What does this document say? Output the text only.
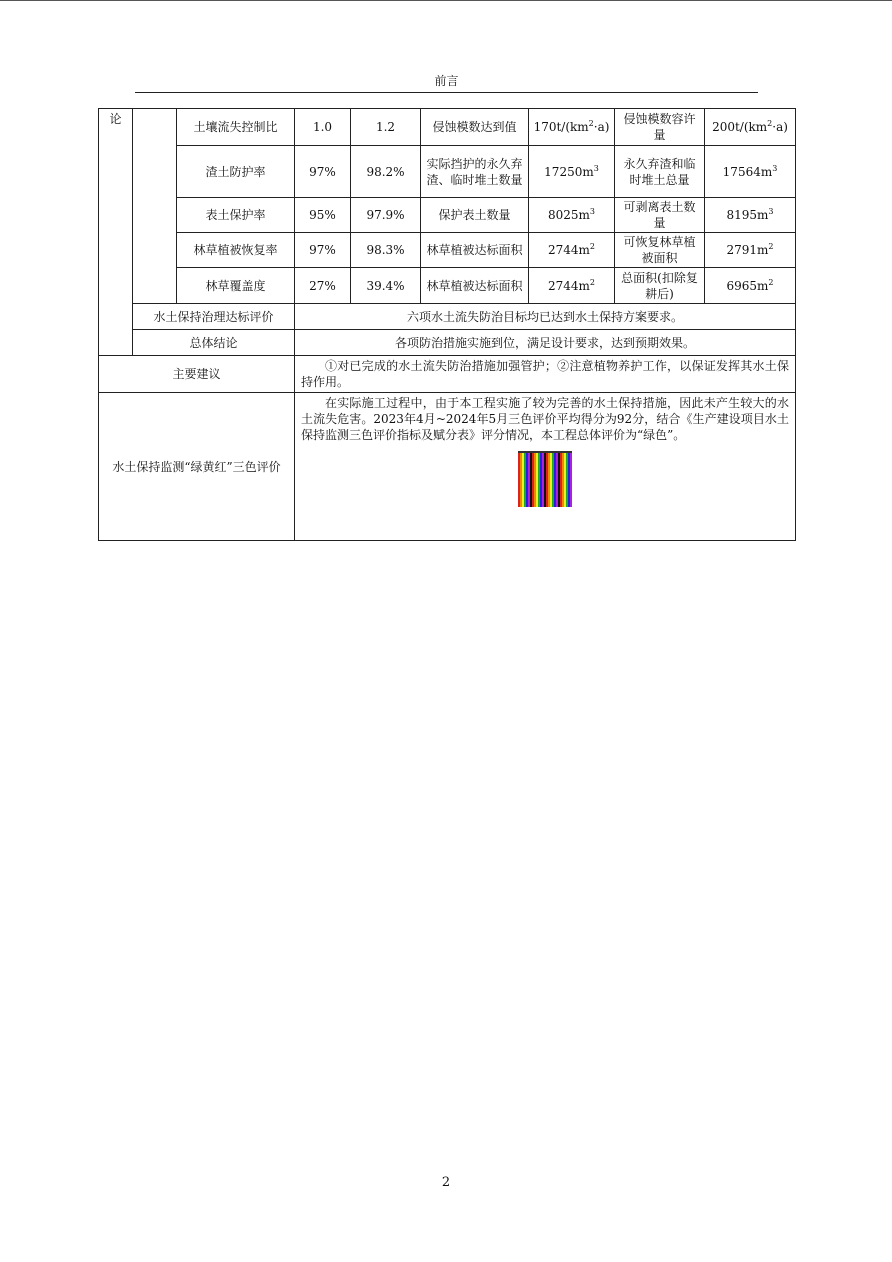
前言
论		土壤流失控制比	1.0	1.2	侵蚀模数达到值	$170t/(km^2\cdot a)$	侵蚀模数容许量	$200t/(km^2\cdot a)$
		渣土防护率	97%	98.2%	实际挡护的永久弃渣、临时堆土数量	$17250m^3$	永久弃渣和临时堆土总量	$17564m^3$
		表土保护率	95%	97.9%	保护表土数量	$8025m^3$	可剥离表土数量	$8195m^3$
		林草植被恢复率	97%	98.3%	林草植被达标面积	$2744m^2$	可恢复林草植被面积	$2791m^2$
		林草覆盖度	27%	39.4%	林草植被达标面积	$2744m^2$	总面积(扣除复耕后)	$6965m^2$
	水土保持治理达标评价		六项水土流失防治目标均已达到水土保持方案要求。					
	总体结论		各项防治措施实施到位，满足设计要求，达到预期效果。					
主要建议			①对已完成的水土流失防治措施加强管护；②注意植物养护工作，以保证发挥其水土保持作用。					

水土保持监测“绿黄红”三色评价			在实际施工过程中，由于本工程实施了较为完善的水土保持措施，因此未产生较大的水土流失危害。2023年4月~2024年5月三色评价平均得分为92分，结合《生产建设项目水土保持监测三色评价指标及赋分表》评分情况，本工程总体评价为“绿色”。					
2
